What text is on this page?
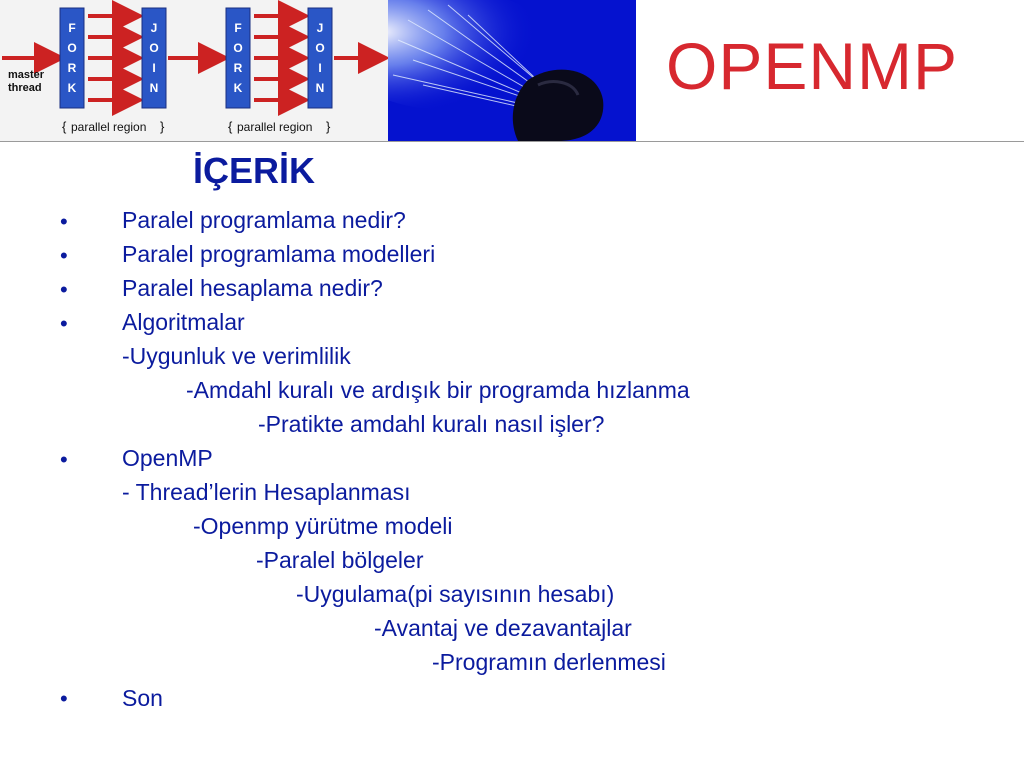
master
thread
F
O
R
K
J
O
I
N
F
O
R
K
J
O
I
N
{ parallel region }	{ parallel region }
OPENMP
İÇERİK
•
•
•
•
•
•
Paralel programlama nedir?
Paralel programlama modelleri
Paralel hesaplama nedir?
Algoritmalar
-Uygunluk ve verimlilik
-Amdahl kuralı ve ardışık bir programda hızlanma
-Pratikte amdahl kuralı nasıl işler?
OpenMP
- Thread’lerin Hesaplanması
-Openmp yürütme modeli
-Paralel bölgeler
-Uygulama(pi sayısının hesabı)
-Avantaj ve dezavantajlar
-Programın derlenmesi
Son
